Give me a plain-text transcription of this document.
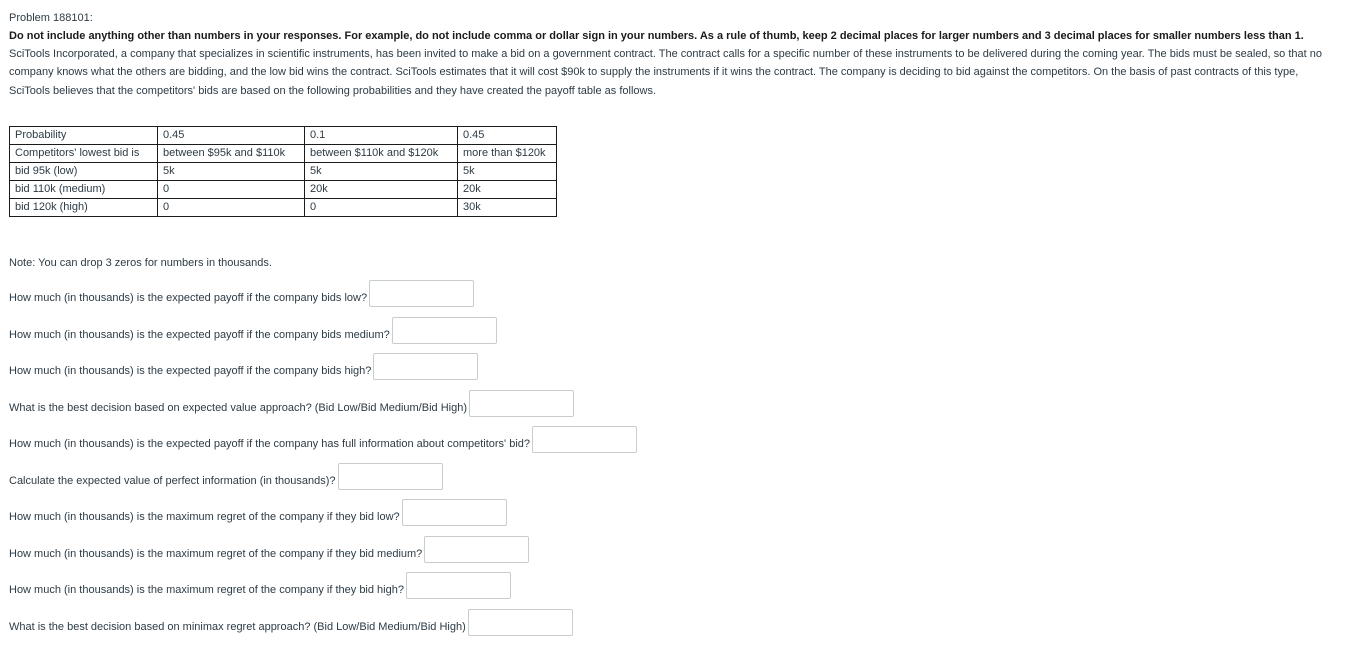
Problem 188101:
Do not include anything other than numbers in your responses. For example, do not include comma or dollar sign in your numbers. As a rule of thumb, keep 2 decimal places for larger numbers and 3 decimal places for smaller numbers less than 1.
SciTools Incorporated, a company that specializes in scientific instruments, has been invited to make a bid on a government contract. The contract calls for a specific number of these instruments to be delivered during the coming year. The bids must be sealed, so that no company knows what the others are bidding, and the low bid wins the contract. SciTools estimates that it will cost $90k to supply the instruments if it wins the contract. The company is deciding to bid against the competitors. On the basis of past contracts of this type, SciTools believes that the competitors' bids are based on the following probabilities and they have created the payoff table as follows.
Probability	0.45	0.1	0.45
Competitors' lowest bid is	between $95k and $110k	between $110k and $120k	more than $120k
bid 95k (low)	5k	5k	5k
bid 110k (medium)	0	20k	20k
bid 120k (high)	0	0	30k
Note: You can drop 3 zeros for numbers in thousands.
How much (in thousands) is the expected payoff if the company bids low?
How much (in thousands) is the expected payoff if the company bids medium?
How much (in thousands) is the expected payoff if the company bids high?
What is the best decision based on expected value approach? (Bid Low/Bid Medium/Bid High)
How much (in thousands) is the expected payoff if the company has full information about competitors' bid?
Calculate the expected value of perfect information (in thousands)?
How much (in thousands) is the maximum regret of the company if they bid low?
How much (in thousands) is the maximum regret of the company if they bid medium?
How much (in thousands) is the maximum regret of the company if they bid high?
What is the best decision based on minimax regret approach? (Bid Low/Bid Medium/Bid High)
